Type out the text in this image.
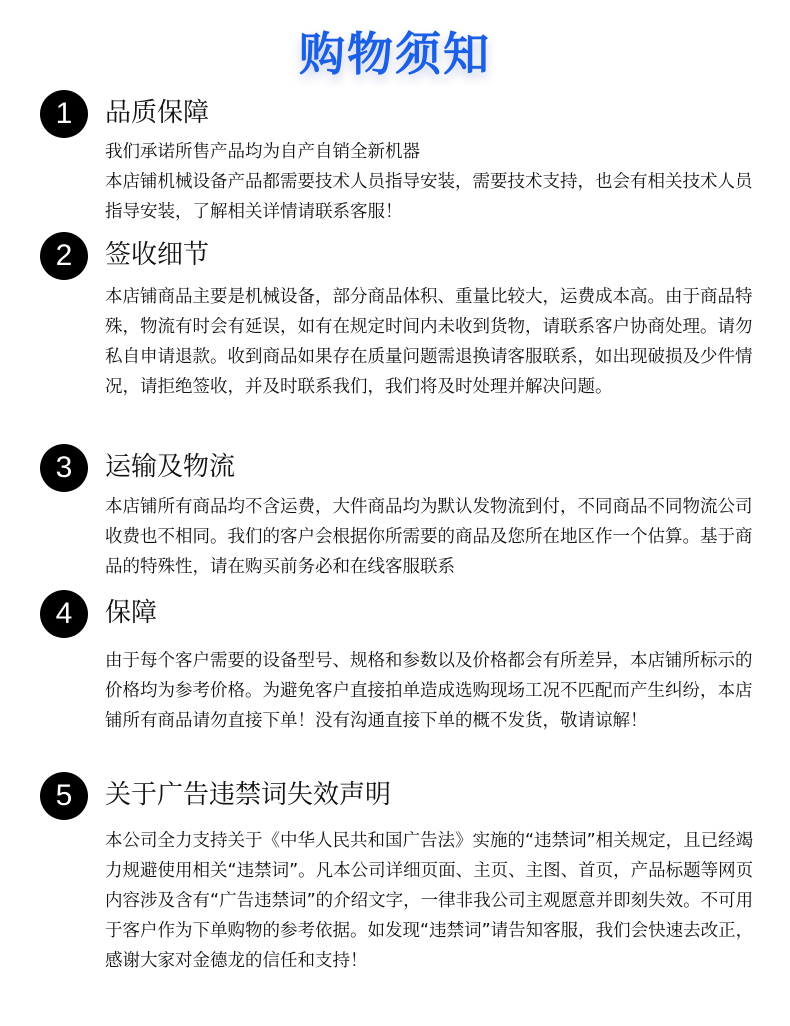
购物须知
1	品质保障
我们承诺所售产品均为自产自销全新机器
本店铺机械设备产品都需要技术人员指导安装，需要技术支持，也会有相关技术人员指导安装，了解相关详情请联系客服！
2	签收细节
本店铺商品主要是机械设备，部分商品体积、重量比较大，运费成本高。由于商品特殊，物流有时会有延误，如有在规定时间内未收到货物，请联系客户协商处理。请勿私自申请退款。收到商品如果存在质量问题需退换请客服联系，如出现破损及少件情况，请拒绝签收，并及时联系我们，我们将及时处理并解决问题。
3	运输及物流
本店铺所有商品均不含运费，大件商品均为默认发物流到付，不同商品不同物流公司收费也不相同。我们的客户会根据你所需要的商品及您所在地区作一个估算。基于商品的特殊性，请在购买前务必和在线客服联系
4	保障
由于每个客户需要的设备型号、规格和参数以及价格都会有所差异，本店铺所标示的价格均为参考价格。为避免客户直接拍单造成选购现场工况不匹配而产生纠纷，本店铺所有商品请勿直接下单！没有沟通直接下单的概不发货，敬请谅解！
5	关于广告违禁词失效声明
本公司全力支持关于《中华人民共和国广告法》实施的“违禁词”相关规定，且已经竭力规避使用相关“违禁词”。凡本公司详细页面、主页、主图、首页，产品标题等网页内容涉及含有“广告违禁词”的介绍文字，一律非我公司主观愿意并即刻失效。不可用于客户作为下单购物的参考依据。如发现“违禁词”请告知客服，我们会快速去改正，感谢大家对金德龙的信任和支持！
